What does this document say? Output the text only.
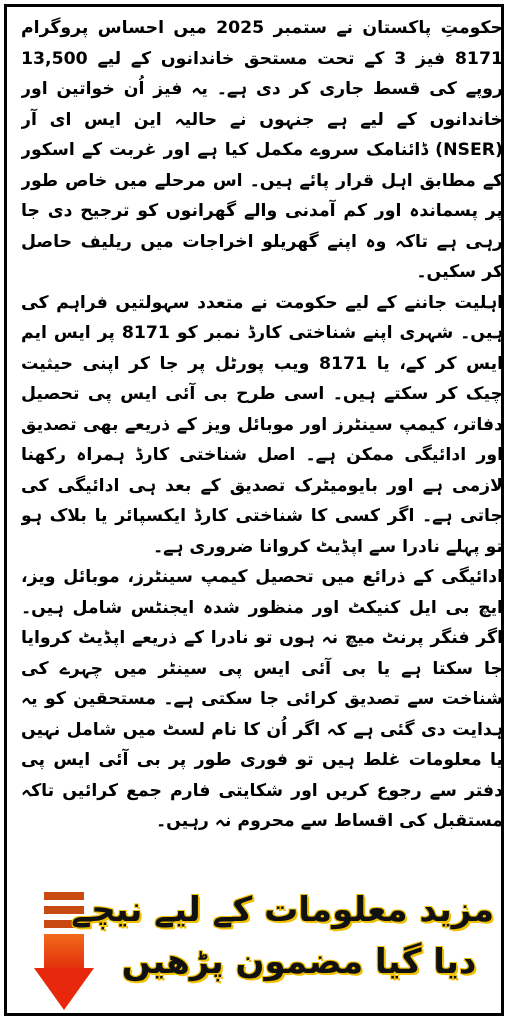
حکومتِ پاکستان نے ستمبر 2025 میں احساس پروگرام 8171 فیز 3 کے تحت مستحق خاندانوں کے لیے 13,500 روپے کی قسط جاری کر دی ہے۔ یہ فیز اُن خواتین اور خاندانوں کے لیے ہے جنہوں نے حالیہ این ایس ای آر (NSER) ڈائنامک سروے مکمل کیا ہے اور غربت کے اسکور کے مطابق اہل قرار پائے ہیں۔ اس مرحلے میں خاص طور پر پسماندہ اور کم آمدنی والے گھرانوں کو ترجیح دی جا رہی ہے تاکہ وہ اپنے گھریلو اخراجات میں ریلیف حاصل کر سکیں۔

اہلیت جاننے کے لیے حکومت نے متعدد سہولتیں فراہم کی ہیں۔ شہری اپنے شناختی کارڈ نمبر کو 8171 پر ایس ایم ایس کر کے، یا 8171 ویب پورٹل پر جا کر اپنی حیثیت چیک کر سکتے ہیں۔ اسی طرح بی آئی ایس پی تحصیل دفاتر، کیمپ سینٹرز اور موبائل ویز کے ذریعے بھی تصدیق اور ادائیگی ممکن ہے۔ اصل شناختی کارڈ ہمراہ رکھنا لازمی ہے اور بایومیٹرک تصدیق کے بعد ہی ادائیگی کی جاتی ہے۔ اگر کسی کا شناختی کارڈ ایکسپائر یا بلاک ہو تو پہلے نادرا سے اپڈیٹ کروانا ضروری ہے۔

ادائیگی کے ذرائع میں تحصیل کیمپ سینٹرز، موبائل ویز، ایچ بی ایل کنیکٹ اور منظور شدہ ایجنٹس شامل ہیں۔ اگر فنگر پرنٹ میچ نہ ہوں تو نادرا کے ذریعے اپڈیٹ کروایا جا سکتا ہے یا بی آئی ایس پی سینٹر میں چہرے کی شناخت سے تصدیق کرائی جا سکتی ہے۔ مستحقین کو یہ ہدایت دی گئی ہے کہ اگر اُن کا نام لسٹ میں شامل نہیں یا معلومات غلط ہیں تو فوری طور پر بی آئی ایس پی دفتر سے رجوع کریں اور شکایتی فارم جمع کرائیں تاکہ مستقبل کی اقساط سے محروم نہ رہیں۔

مزید معلومات کے لیے نیچے
دیا گیا مضمون پڑھیں
